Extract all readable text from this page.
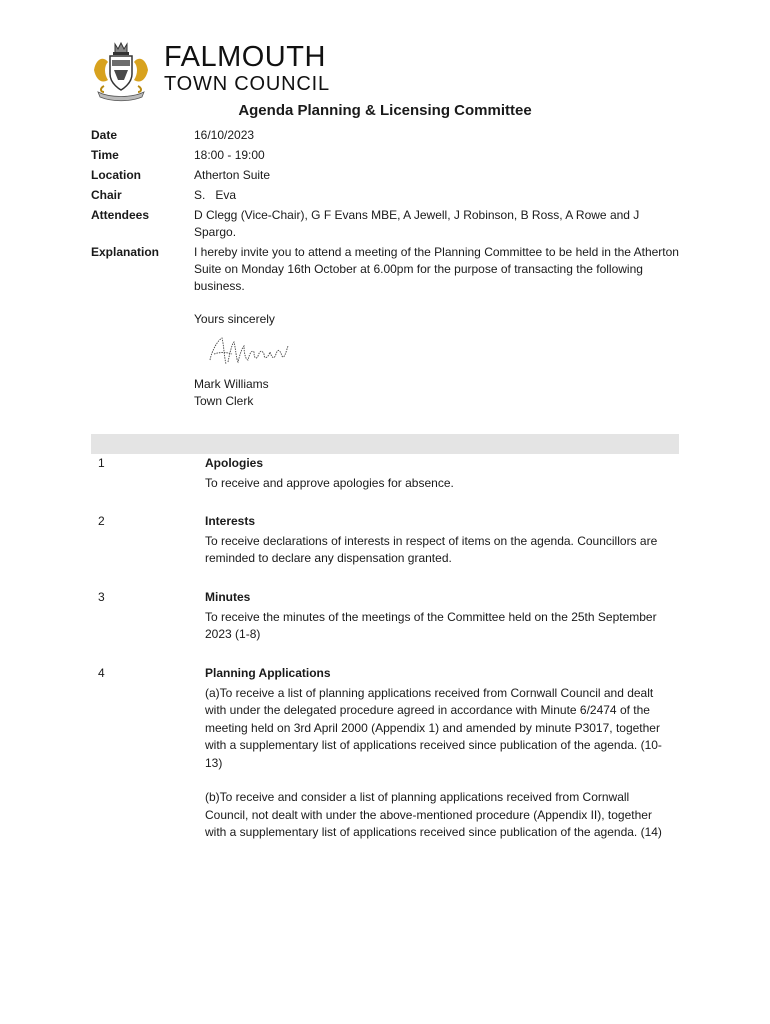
FALMOUTH
TOWN COUNCIL
Agenda Planning & Licensing Committee
Date	16/10/2023
Time	18:00 - 19:00
Location	Atherton Suite
Chair	S.   Eva
Attendees	D Clegg (Vice-Chair), G F Evans MBE, A Jewell, J Robinson, B Ross, A Rowe and J Spargo.
Explanation	I hereby invite you to attend a meeting of the Planning Committee to be held in the Atherton Suite on Monday 16th October at 6.00pm for the purpose of transacting the following business.
Yours sincerely
Mark Williams
Town Clerk
1	Apologies

To receive and approve apologies for absence.

2	Interests

To receive declarations of interests in respect of items on the agenda. Councillors are reminded to declare any dispensation granted.

3	Minutes

To receive the minutes of the meetings of the Committee held on the 25th September 2023 (1-8)

4	Planning Applications

(a)To receive a list of planning applications received from Cornwall Council and dealt with under the delegated procedure agreed in accordance with Minute 6/2474 of the meeting held on 3rd April 2000 (Appendix 1) and amended by minute P3017, together with a supplementary list of applications received since publication of the agenda. (10-13)

(b)To receive and consider a list of planning applications received from Cornwall Council, not dealt with under the above-mentioned procedure (Appendix II), together with a supplementary list of applications received since publication of the agenda. (14)
